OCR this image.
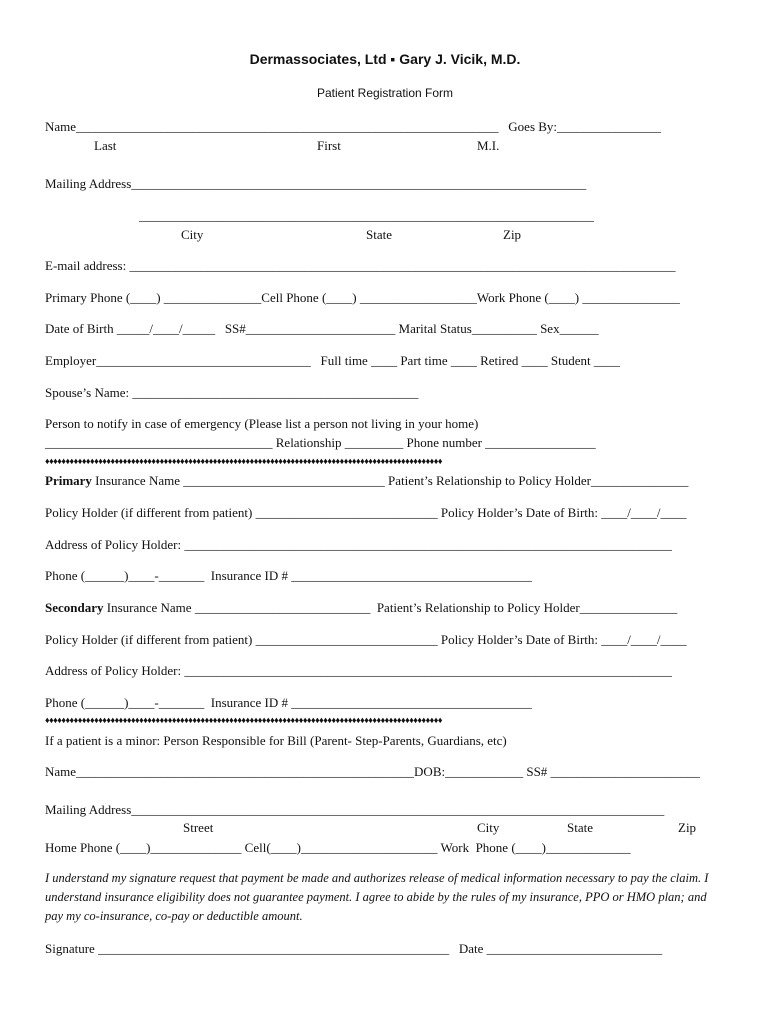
Dermassociates, Ltd ▪ Gary J. Vicik, M.D.
Patient Registration Form
Name_________________________________________________________________   Goes By:________________
Last	First	M.I.
Mailing Address______________________________________________________________________
______________________________________________________________________
City	State	Zip
E-mail address: ____________________________________________________________________________________
Primary Phone (____) _______________Cell Phone (____) __________________Work Phone (____) _______________
Date of Birth _____/____/_____   SS#_______________________ Marital Status__________ Sex______
Employer_________________________________   Full time ____ Part time ____ Retired ____ Student ____
Spouse’s Name: ____________________________________________
Person to notify in case of emergency (Please list a person not living in your home)
___________________________________ Relationship _________ Phone number _________________
♦♦♦♦♦♦♦♦♦♦♦♦♦♦♦♦♦♦♦♦♦♦♦♦♦♦♦♦♦♦♦♦♦♦♦♦♦♦♦♦♦♦♦♦♦♦♦♦♦♦♦♦♦♦♦♦♦♦♦♦♦♦♦♦♦♦♦♦♦♦♦♦♦♦♦♦♦♦♦♦♦♦♦♦♦♦♦♦♦♦♦♦♦♦♦♦♦
Primary Insurance Name _______________________________ Patient’s Relationship to Policy Holder_______________
Policy Holder (if different from patient) ____________________________ Policy Holder’s Date of Birth: ____/____/____
Address of Policy Holder: ___________________________________________________________________________
Phone (______)____-_______  Insurance ID # _____________________________________
Secondary Insurance Name ___________________________  Patient’s Relationship to Policy Holder_______________
Policy Holder (if different from patient) ____________________________ Policy Holder’s Date of Birth: ____/____/____
Address of Policy Holder: ___________________________________________________________________________
Phone (______)____-_______  Insurance ID # _____________________________________
♦♦♦♦♦♦♦♦♦♦♦♦♦♦♦♦♦♦♦♦♦♦♦♦♦♦♦♦♦♦♦♦♦♦♦♦♦♦♦♦♦♦♦♦♦♦♦♦♦♦♦♦♦♦♦♦♦♦♦♦♦♦♦♦♦♦♦♦♦♦♦♦♦♦♦♦♦♦♦♦♦♦♦♦♦♦♦♦♦♦♦♦♦♦♦♦♦
If a patient is a minor: Person Responsible for Bill (Parent- Step-Parents, Guardians, etc)
Name____________________________________________________DOB:____________ SS# _______________________
Mailing Address__________________________________________________________________________________
Street	City	State	Zip
Home Phone (____)______________ Cell(____)_____________________ Work  Phone (____)_____________
I understand my signature request that payment be made and authorizes release of medical information necessary to pay the claim. I understand insurance eligibility does not guarantee payment. I agree to abide by the rules of my insurance, PPO or HMO plan; and pay my co-insurance, co-pay or deductible amount.
Signature ______________________________________________________   Date ___________________________
